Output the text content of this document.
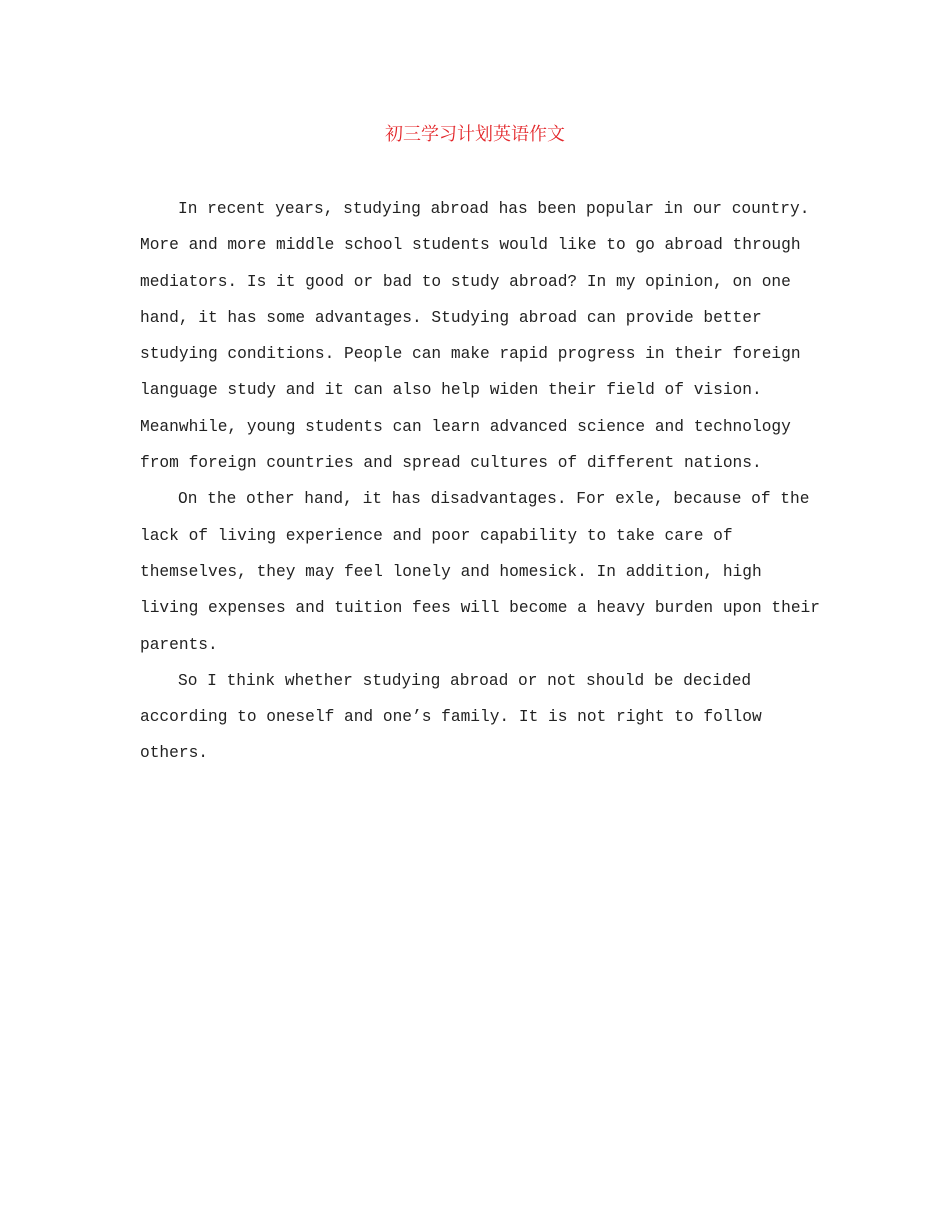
初三学习计划英语作文

In recent years, studying abroad has been popular in our country. More and more middle school students would like to go abroad through mediators. Is it good or bad to study abroad? In my opinion, on one hand, it has some advantages. Studying abroad can provide better studying conditions. People can make rapid progress in their foreign language study and it can also help widen their field of vision. Meanwhile, young students can learn advanced science and technology from foreign countries and spread cultures of different nations.

On the other hand, it has disadvantages. For exle, because of the lack of living experience and poor capability to take care of themselves, they may feel lonely and homesick. In addition, high living expenses and tuition fees will become a heavy burden upon their parents.

So I think whether studying abroad or not should be decided according to oneself and one’s family. It is not right to follow others.
